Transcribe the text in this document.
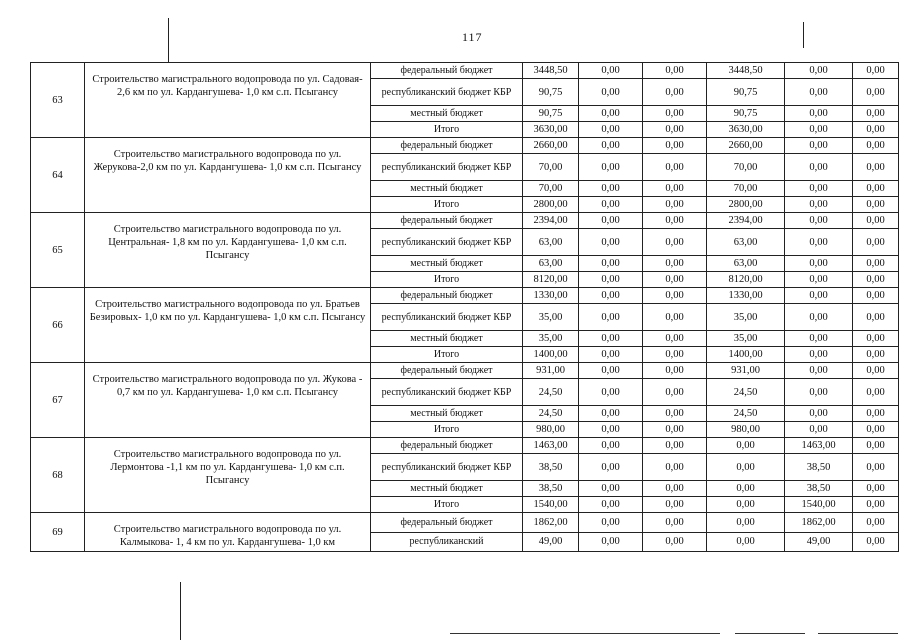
117
63	Строительство магистрального водопровода по ул. Садовая- 2,6 км по ул. Кардангушева- 1,0 км с.п. Псыгансу	федеральный бюджет	3448,50	0,00	0,00	3448,50	0,00	0,00
		республиканский бюджет КБР	90,75	0,00	0,00	90,75	0,00	0,00
		местный бюджет	90,75	0,00	0,00	90,75	0,00	0,00
		Итого	3630,00	0,00	0,00	3630,00	0,00	0,00
64	Строительство магистрального водопровода по ул. Жерукова-2,0 км по ул. Кардангушева- 1,0 км с.п. Псыгансу	федеральный бюджет	2660,00	0,00	0,00	2660,00	0,00	0,00
		республиканский бюджет КБР	70,00	0,00	0,00	70,00	0,00	0,00
		местный бюджет	70,00	0,00	0,00	70,00	0,00	0,00
		Итого	2800,00	0,00	0,00	2800,00	0,00	0,00
65	Строительство магистрального водопровода по ул. Центральная- 1,8 км по ул. Кардангушева- 1,0 км с.п. Псыгансу	федеральный бюджет	2394,00	0,00	0,00	2394,00	0,00	0,00
		республиканский бюджет КБР	63,00	0,00	0,00	63,00	0,00	0,00
		местный бюджет	63,00	0,00	0,00	63,00	0,00	0,00
		Итого	8120,00	0,00	0,00	8120,00	0,00	0,00
66	Строительство магистрального водопровода по ул. Братьев Безировых- 1,0 км по ул. Кардангушева- 1,0 км с.п. Псыгансу	федеральный бюджет	1330,00	0,00	0,00	1330,00	0,00	0,00
		республиканский бюджет КБР	35,00	0,00	0,00	35,00	0,00	0,00
		местный бюджет	35,00	0,00	0,00	35,00	0,00	0,00
		Итого	1400,00	0,00	0,00	1400,00	0,00	0,00
67	Строительство магистрального водопровода по ул. Жукова - 0,7 км по ул. Кардангушева- 1,0 км с.п. Псыгансу	федеральный бюджет	931,00	0,00	0,00	931,00	0,00	0,00
		республиканский бюджет КБР	24,50	0,00	0,00	24,50	0,00	0,00
		местный бюджет	24,50	0,00	0,00	24,50	0,00	0,00
		Итого	980,00	0,00	0,00	980,00	0,00	0,00
68	Строительство магистрального водопровода по ул. Лермонтова -1,1 км по ул. Кардангушева- 1,0 км с.п. Псыгансу	федеральный бюджет	1463,00	0,00	0,00	0,00	1463,00	0,00
		республиканский бюджет КБР	38,50	0,00	0,00	0,00	38,50	0,00
		местный бюджет	38,50	0,00	0,00	0,00	38,50	0,00
		Итого	1540,00	0,00	0,00	0,00	1540,00	0,00
69	Строительство магистрального водопровода по ул. Калмыкова- 1, 4 км по ул. Кардангушева- 1,0 км	федеральный бюджет	1862,00	0,00	0,00	0,00	1862,00	0,00
		республиканский	49,00	0,00	0,00	0,00	49,00	0,00
